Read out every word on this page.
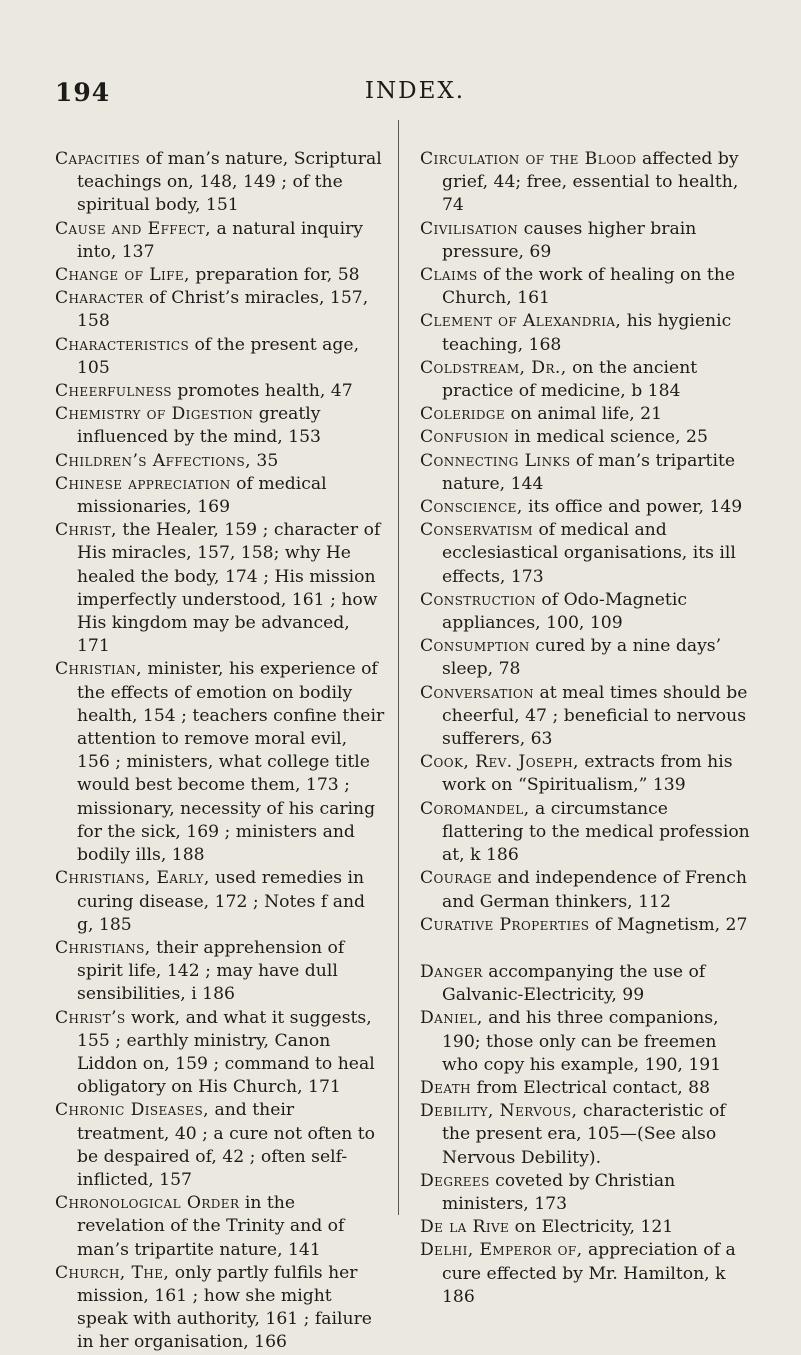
194	INDEX.

Capacities of man’s nature, Scriptural teachings on, 148, 149 ; of the spiritual body, 151

Cause and Effect, a natural inquiry into, 137

Change of Life, preparation for, 58

Character of Christ’s miracles, 157, 158

Characteristics of the present age, 105

Cheerfulness promotes health, 47

Chemistry of Digestion greatly influenced by the mind, 153

Children’s Affections, 35

Chinese appreciation of medical missionaries, 169

Christ, the Healer, 159 ; character of His miracles, 157, 158; why He healed the body, 174 ; His mission imperfectly understood, 161 ; how His kingdom may be advanced, 171

Christian, minister, his experience of the effects of emotion on bodily health, 154 ; teachers confine their attention to remove moral evil, 156 ; ministers, what college title would best become them, 173 ; missionary, necessity of his caring for the sick, 169 ; ministers and bodily ills, 188

Christians, Early, used remedies in curing disease, 172 ; Notes f and g, 185

Christians, their apprehension of spirit life, 142 ; may have dull sensibilities, i 186

Christ’s work, and what it suggests, 155 ; earthly ministry, Canon Liddon on, 159 ; command to heal obligatory on His Church, 171

Chronic Diseases, and their treatment, 40 ; a cure not often to be despaired of, 42 ; often self-inflicted, 157

Chronological Order in the revelation of the Trinity and of man’s tripartite nature, 141

Church, The, only partly fulfils her mission, 161 ; how she might speak with authority, 161 ; failure in her organisation, 166

Circulation of the Blood affected by grief, 44; free, essential to health, 74

Civilisation causes higher brain pressure, 69

Claims of the work of healing on the Church, 161

Clement of Alexandria, his hygienic teaching, 168

Coldstream, Dr., on the ancient practice of medicine, b 184

Coleridge on animal life, 21

Confusion in medical science, 25

Connecting Links of man’s tripartite nature, 144

Conscience, its office and power, 149

Conservatism of medical and ecclesiastical organisations, its ill effects, 173

Construction of Odo-Magnetic appliances, 100, 109

Consumption cured by a nine days’ sleep, 78

Conversation at meal times should be cheerful, 47 ; beneficial to nervous sufferers, 63

Cook, Rev. Joseph, extracts from his work on “Spiritualism,” 139

Coromandel, a circumstance flattering to the medical profession at, k 186

Courage and independence of French and German thinkers, 112

Curative Properties of Magnetism, 27

Danger accompanying the use of Galvanic-Electricity, 99

Daniel, and his three companions, 190; those only can be freemen who copy his example, 190, 191

Death from Electrical contact, 88

Debility, Nervous, characteristic of the present era, 105—(See also Nervous Debility).

Degrees coveted by Christian ministers, 173

De la Rive on Electricity, 121

Delhi, Emperor of, appreciation of a cure effected by Mr. Hamilton, k 186
